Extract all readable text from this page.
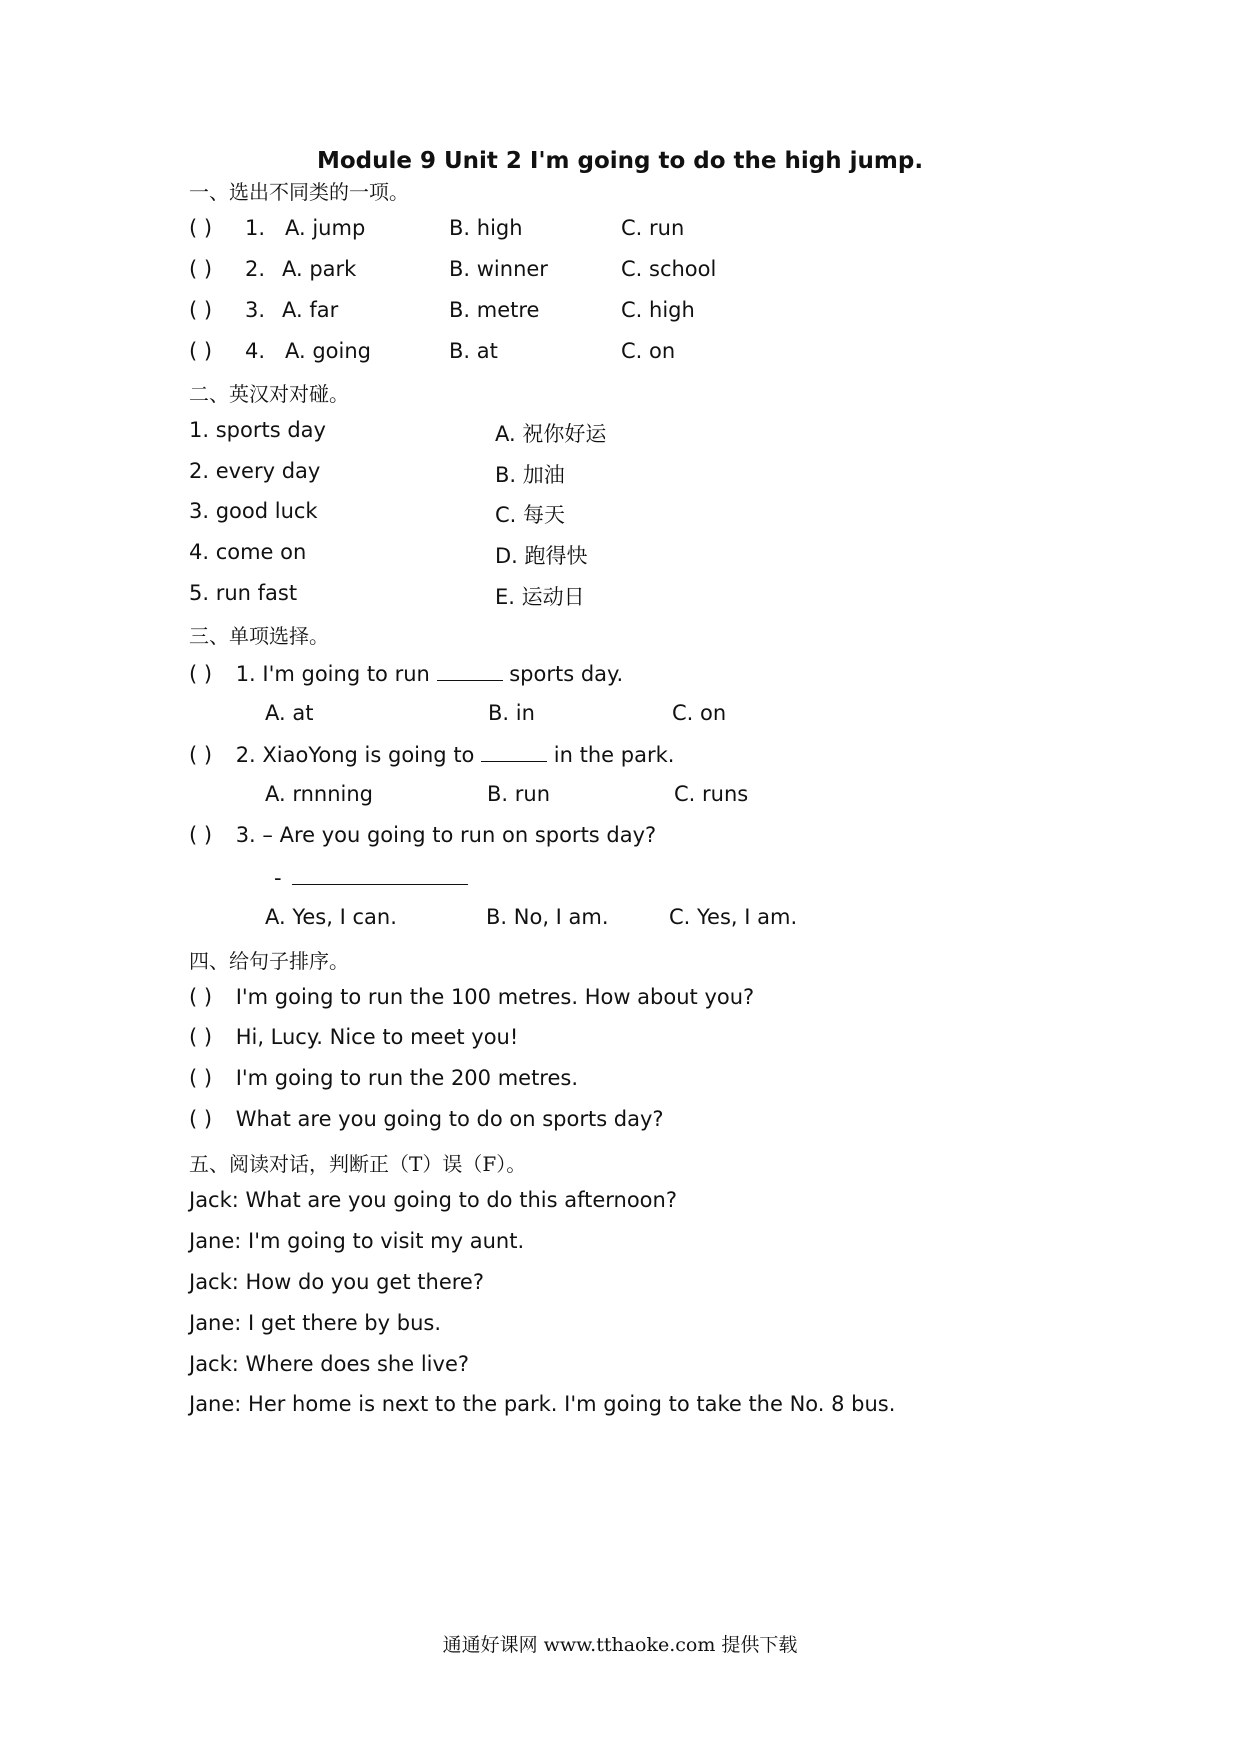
Module 9 Unit 2 I'm going to do the high jump.
一、选出不同类的一项。
( ) 1. A. jump	B. high	C. run
( ) 2. A. park	B. winner	C. school
( ) 3. A. far	B. metre	C. high
( ) 4. A. going	B. at	C. on
二、英汉对对碰。
1. sports day	A. 祝你好运
2. every day	B. 加油
3. good luck	C. 每天
4. come on	D. 跑得快
5. run fast	E. 运动日
三、单项选择。
( ) 1. I'm going to run	sports day.
A. at	B. in	C. on
( ) 2. XiaoYong is going to	in the park.
A. rnnning	B. run	C. runs
( ) 3. – Are you going to run on sports day?
-
A. Yes, I can.	B. No, I am.	C. Yes, I am.
四、给句子排序。
( ) I'm going to run the 100 metres. How about you?
( ) Hi, Lucy. Nice to meet you!
( ) I'm going to run the 200 metres.
( ) What are you going to do on sports day?
五、阅读对话，判断正（T）误（F）。
Jack: What are you going to do this afternoon?
Jane: I'm going to visit my aunt.
Jack: How do you get there?
Jane: I get there by bus.
Jack: Where does she live?
Jane: Her home is next to the park. I'm going to take the No. 8 bus.
通通好课网 www.tthaoke.com 提供下载
